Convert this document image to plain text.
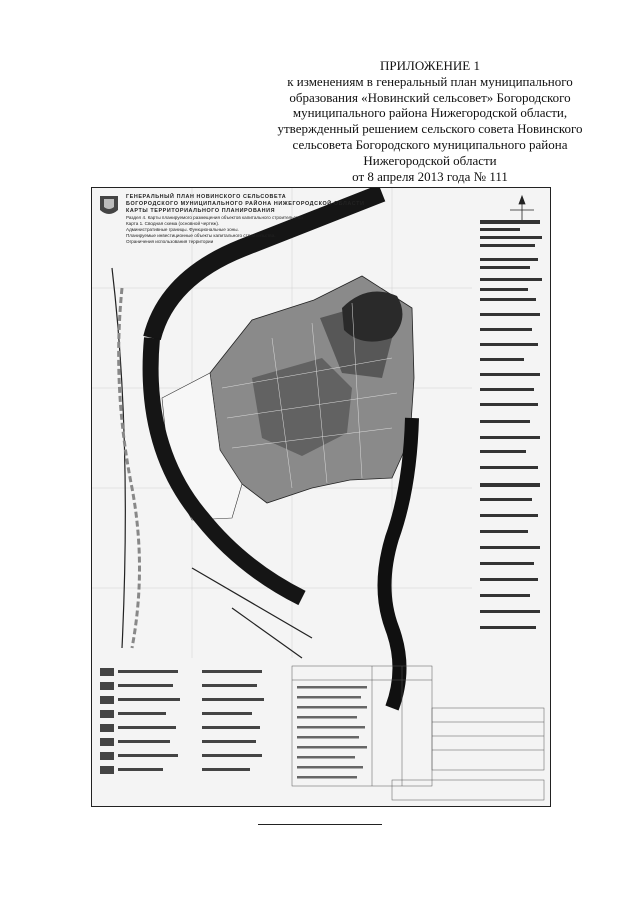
ПРИЛОЖЕНИЕ 1
к изменениям в генеральный план муниципального
образования «Новинский сельсовет» Богородского
муниципального района Нижегородской области,
утвержденный решением сельского совета Новинского
сельсовета Богородского муниципального района
Нижегородской области
от 8 апреля 2013 года № 111
ГЕНЕРАЛЬНЫЙ ПЛАН НОВИНСКОГО СЕЛЬСОВЕТА
БОГОРОДСКОГО МУНИЦИПАЛЬНОГО РАЙОНА НИЖЕГОРОДСКОЙ ОБЛАСТИ
КАРТЫ ТЕРРИТОРИАЛЬНОГО ПЛАНИРОВАНИЯ
Раздел 4. Карты планируемого размещения объектов капитального строительства
Карта 1. Сводная схема (основной чертеж).
Административные границы. Функциональные зоны.
Планируемые инвестиционные объекты капитального строительства.
Ограничения использования территории
